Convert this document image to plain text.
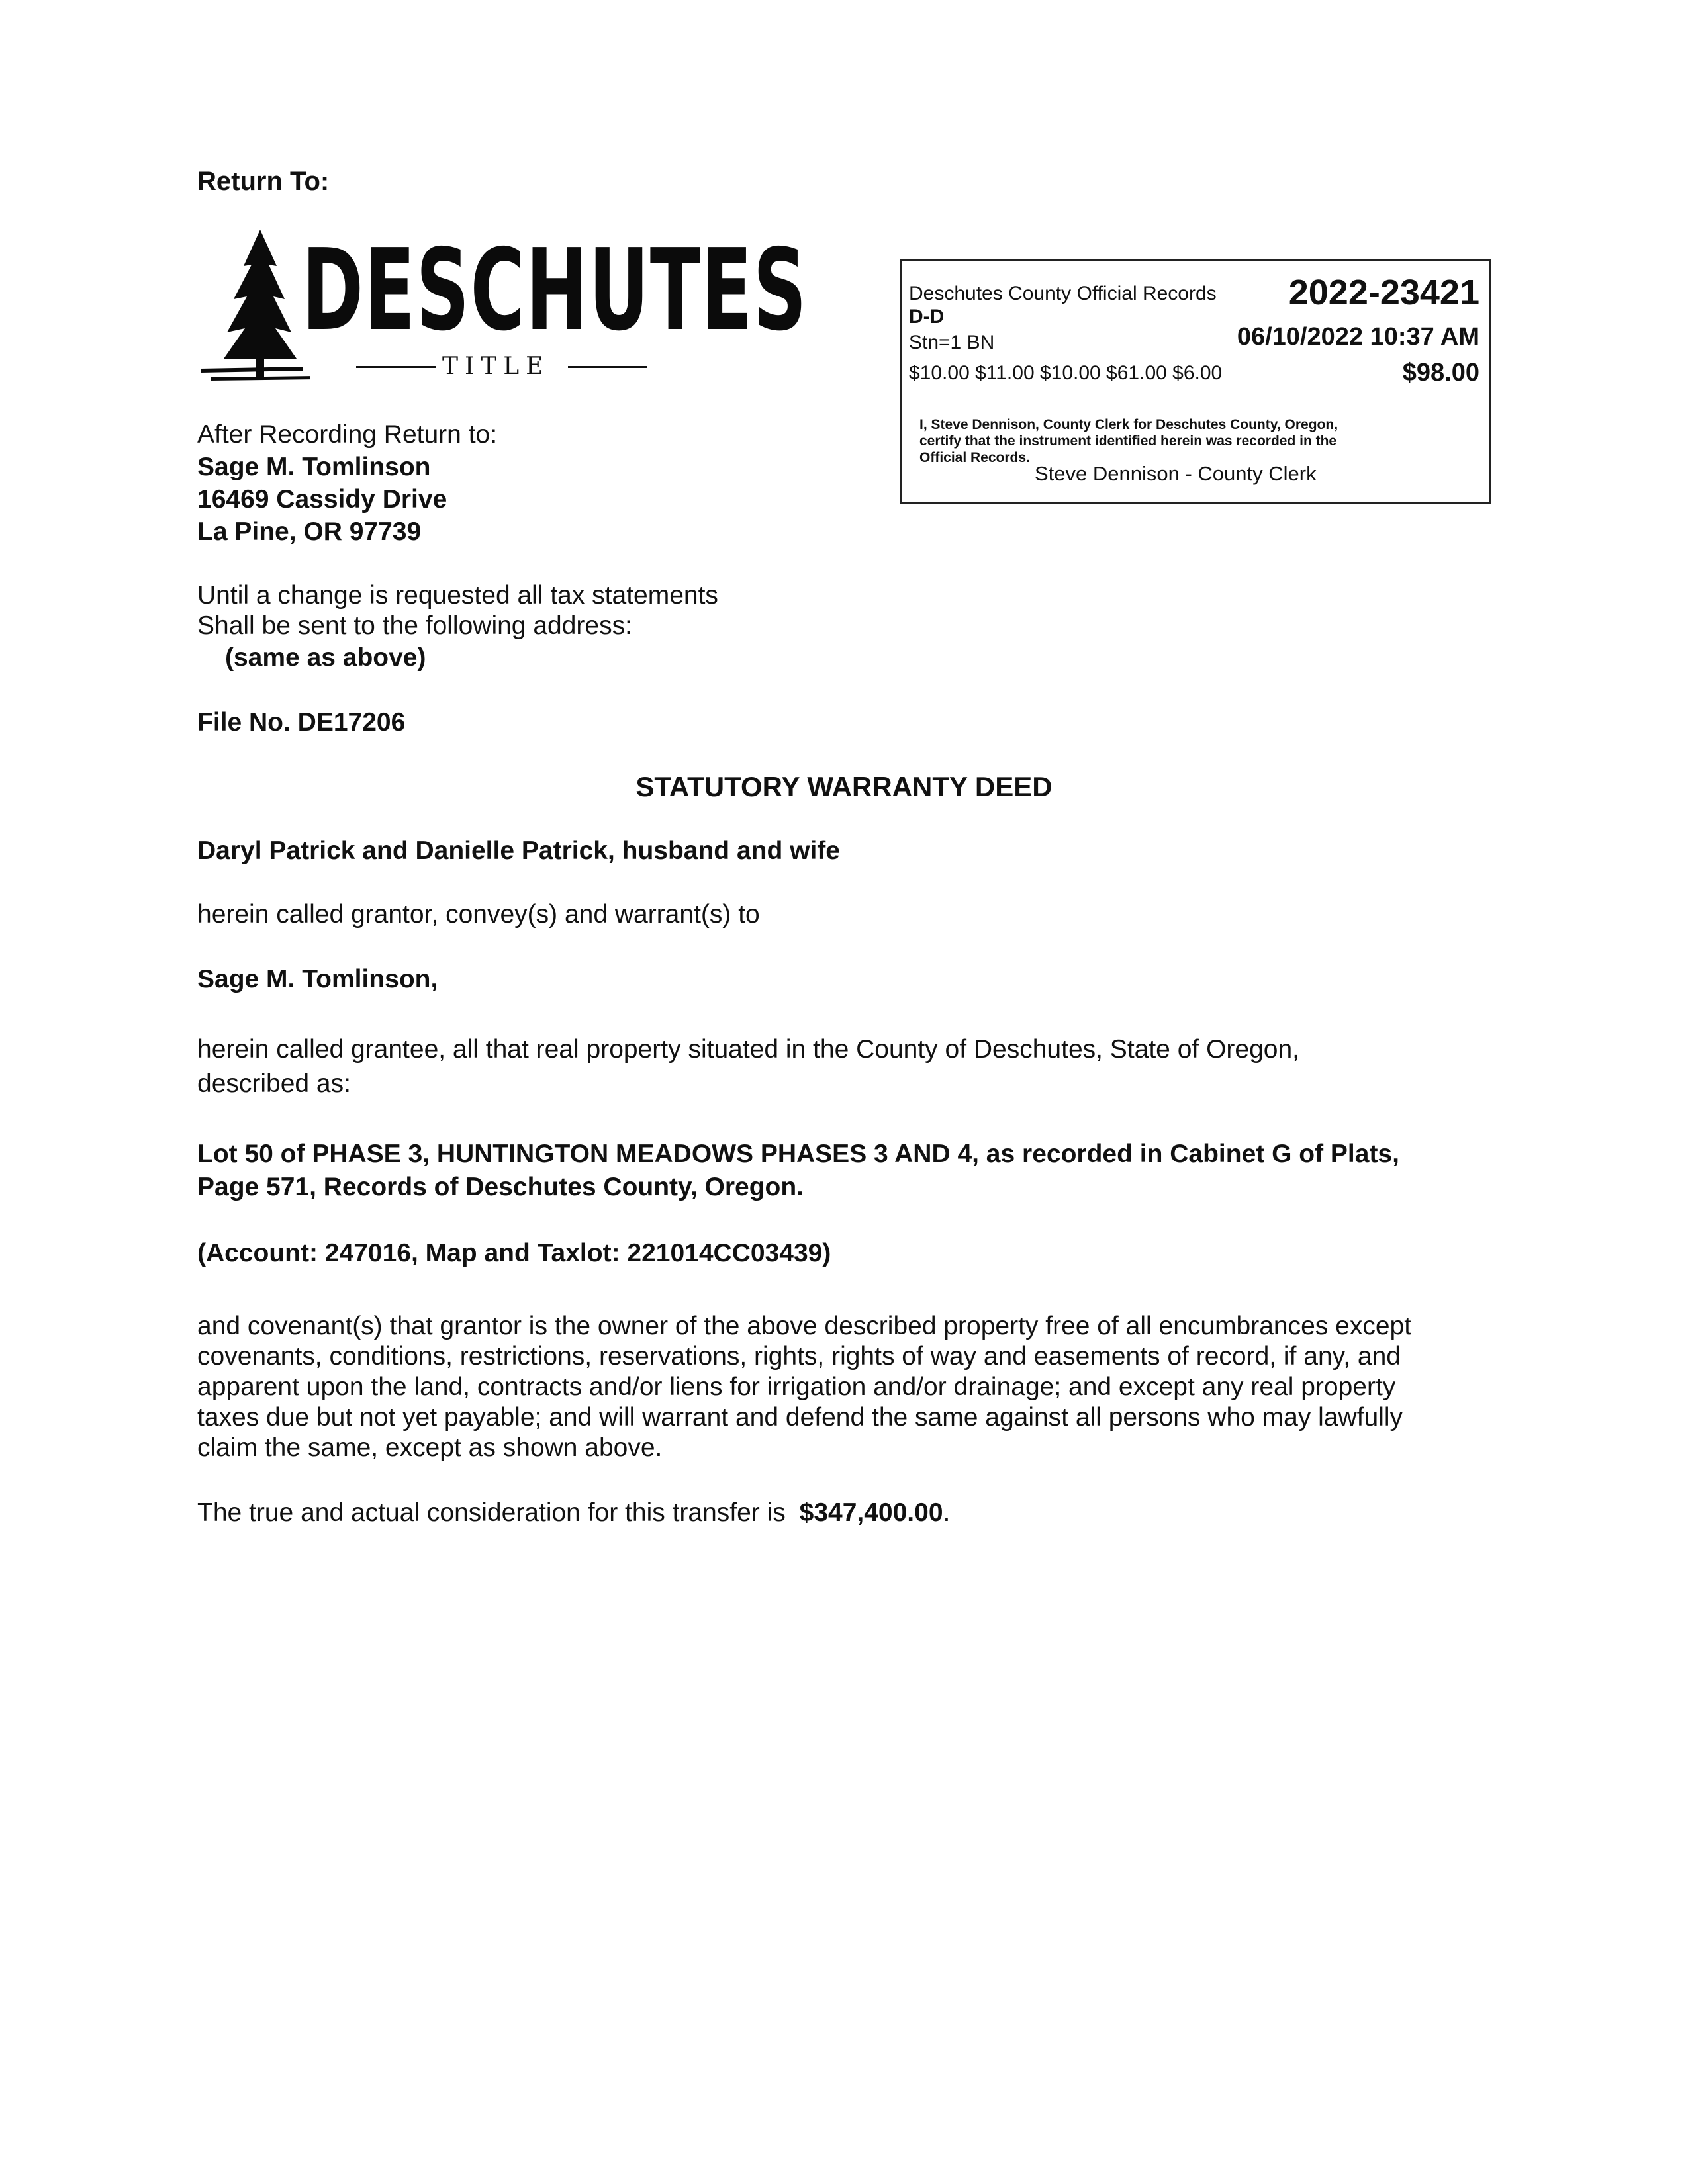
Return To:
DESCHUTES
TITLE
Deschutes County Official Records 2022-23421
D-D
Stn=1 BN	06/10/2022 10:37 AM
$10.00 $11.00 $10.00 $61.00 $6.00	$98.00
I, Steve Dennison, County Clerk for Deschutes County, Oregon,
certify that the instrument identified herein was recorded in the
Official Records.
Steve Dennison - County Clerk
After Recording Return to:
Sage M. Tomlinson
16469 Cassidy Drive
La Pine, OR 97739
Until a change is requested all tax statements
Shall be sent to the following address:
(same as above)
File No. DE17206
STATUTORY WARRANTY DEED
Daryl Patrick and Danielle Patrick, husband and wife
herein called grantor, convey(s) and warrant(s) to
Sage M. Tomlinson,
herein called grantee, all that real property situated in the County of Deschutes, State of Oregon,
described as:
Lot 50 of PHASE 3, HUNTINGTON MEADOWS PHASES 3 AND 4, as recorded in Cabinet G of Plats,
Page 571, Records of Deschutes County, Oregon.
(Account: 247016, Map and Taxlot: 221014CC03439)
and covenant(s) that grantor is the owner of the above described property free of all encumbrances except
covenants, conditions, restrictions, reservations, rights, rights of way and easements of record, if any, and
apparent upon the land, contracts and/or liens for irrigation and/or drainage; and except any real property
taxes due but not yet payable; and will warrant and defend the same against all persons who may lawfully
claim the same, except as shown above.
The true and actual consideration for this transfer is $347,400.00.
